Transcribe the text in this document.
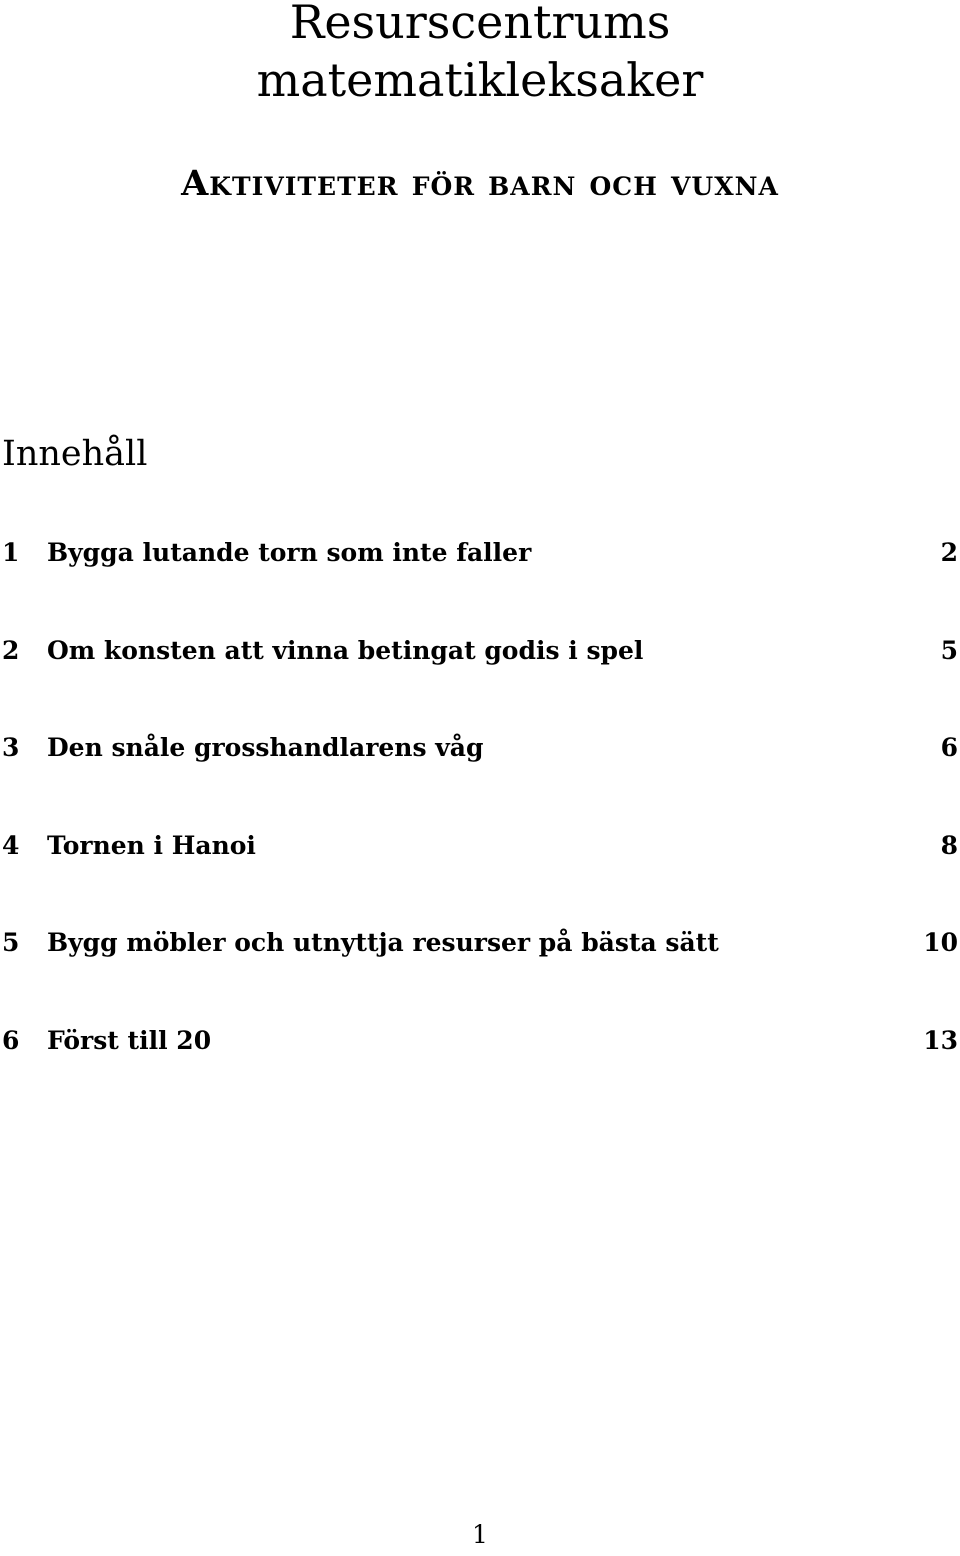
Resurscentrums
matematikleksaker
Aktiviteter för barn och vuxna
Innehåll
1 Bygga lutande torn som inte faller	2
2 Om konsten att vinna betingat godis i spel	5
3 Den snåle grosshandlarens våg	6
4 Tornen i Hanoi	8
5 Bygg möbler och utnyttja resurser på bästa sätt	10
6 Först till 20	13
1
